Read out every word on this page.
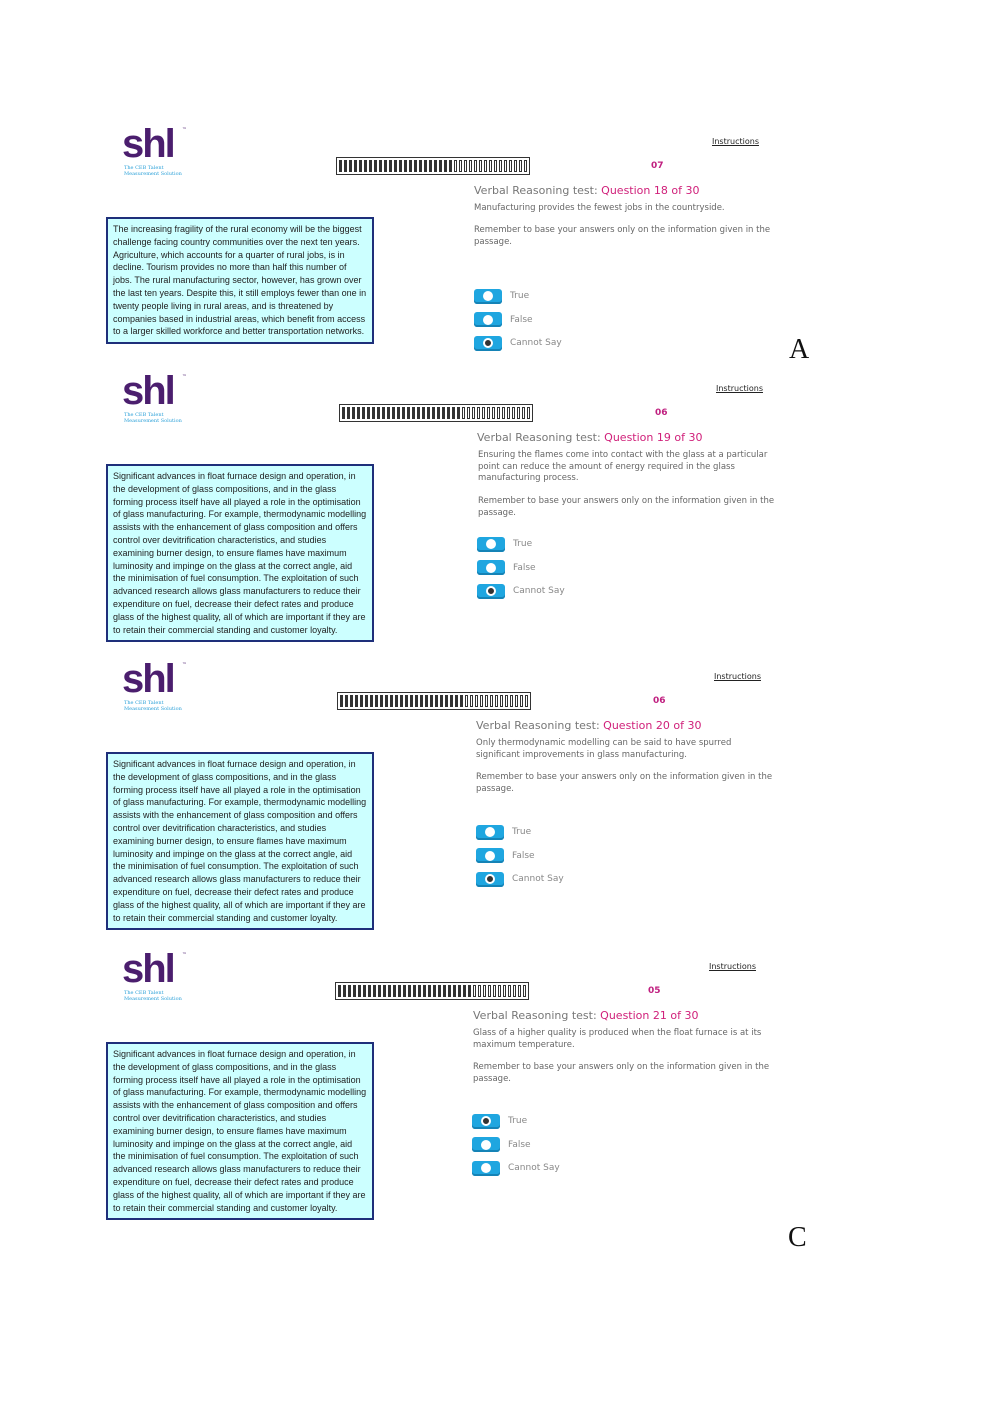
shl ™
The CEB Talent Measurement Solution
Instructions
07
Verbal Reasoning test: Question 18 of 30
Manufacturing provides the fewest jobs in the countryside.
Remember to base your answers only on the information given in the passage.
The increasing fragility of the rural economy will be the biggest challenge facing country communities over the next ten years. Agriculture, which accounts for a quarter of rural jobs, is in decline. Tourism provides no more than half this number of jobs. The rural manufacturing sector, however, has grown over the last ten years. Despite this, it still employs fewer than one in twenty people living in rural areas, and is threatened by companies based in industrial areas, which benefit from access to a larger skilled workforce and better transportation networks.
True
False
Cannot Say	A
shl ™
The CEB Talent Measurement Solution
Instructions
06
Verbal Reasoning test: Question 19 of 30
Ensuring the flames come into contact with the glass at a particular point can reduce the amount of energy required in the glass manufacturing process.
Remember to base your answers only on the information given in the passage.
Significant advances in float furnace design and operation, in the development of glass compositions, and in the glass forming process itself have all played a role in the optimisation of glass manufacturing. For example, thermodynamic modelling assists with the enhancement of glass composition and offers control over devitrification characteristics, and studies examining burner design, to ensure flames have maximum luminosity and impinge on the glass at the correct angle, aid the minimisation of fuel consumption. The exploitation of such advanced research allows glass manufacturers to reduce their expenditure on fuel, decrease their defect rates and produce glass of the highest quality, all of which are important if they are to retain their commercial standing and customer loyalty.
True
False
Cannot Say
shl ™
The CEB Talent Measurement Solution
Instructions
06
Verbal Reasoning test: Question 20 of 30
Only thermodynamic modelling can be said to have spurred significant improvements in glass manufacturing.
Remember to base your answers only on the information given in the passage.
Significant advances in float furnace design and operation, in the development of glass compositions, and in the glass forming process itself have all played a role in the optimisation of glass manufacturing. For example, thermodynamic modelling assists with the enhancement of glass composition and offers control over devitrification characteristics, and studies examining burner design, to ensure flames have maximum luminosity and impinge on the glass at the correct angle, aid the minimisation of fuel consumption. The exploitation of such advanced research allows glass manufacturers to reduce their expenditure on fuel, decrease their defect rates and produce glass of the highest quality, all of which are important if they are to retain their commercial standing and customer loyalty.
True
False
Cannot Say
shl ™
The CEB Talent Measurement Solution
Instructions
05
Verbal Reasoning test: Question 21 of 30
Glass of a higher quality is produced when the float furnace is at its maximum temperature.
Remember to base your answers only on the information given in the passage.
Significant advances in float furnace design and operation, in the development of glass compositions, and in the glass forming process itself have all played a role in the optimisation of glass manufacturing. For example, thermodynamic modelling assists with the enhancement of glass composition and offers control over devitrification characteristics, and studies examining burner design, to ensure flames have maximum luminosity and impinge on the glass at the correct angle, aid the minimisation of fuel consumption. The exploitation of such advanced research allows glass manufacturers to reduce their expenditure on fuel, decrease their defect rates and produce glass of the highest quality, all of which are important if they are to retain their commercial standing and customer loyalty.
True
False
Cannot Say
C
